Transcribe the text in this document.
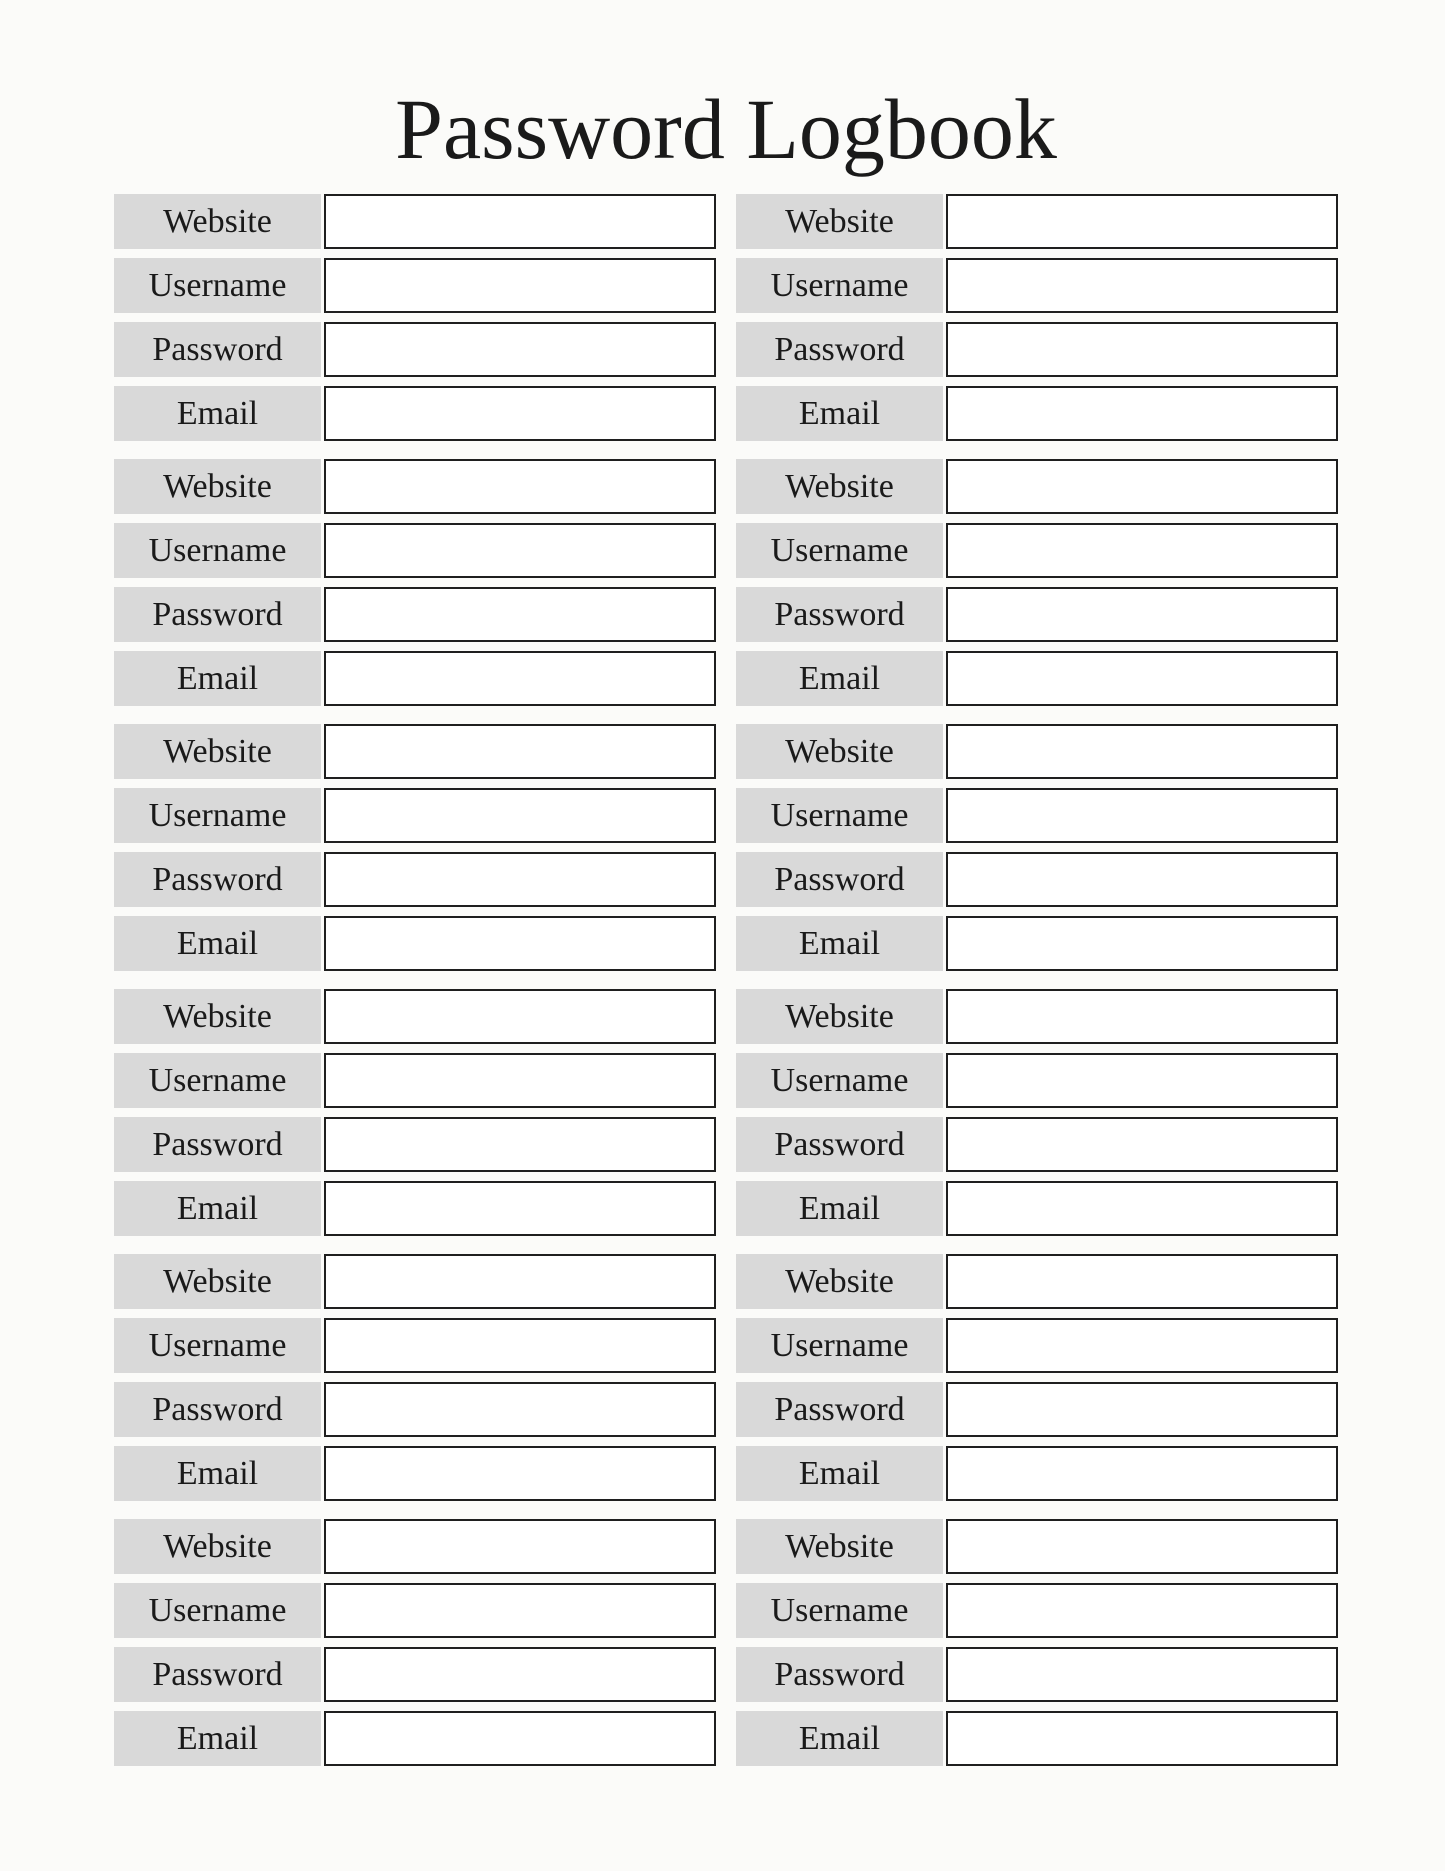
Password Logbook
Website
Username
Password
Email
Website
Username
Password
Email
Website
Username
Password
Email
Website
Username
Password
Email
Website
Username
Password
Email
Website
Username
Password
Email
Website
Username
Password
Email
Website
Username
Password
Email
Website
Username
Password
Email
Website
Username
Password
Email
Website
Username
Password
Email
Website
Username
Password
Email
